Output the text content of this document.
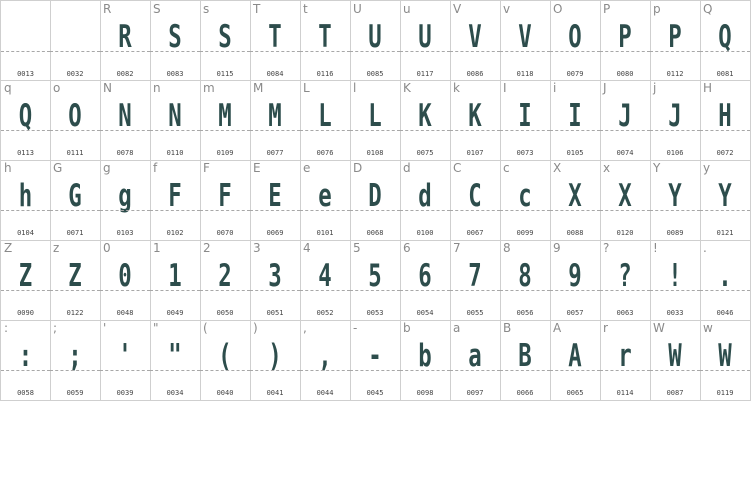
0013	0032
R
R
0082
S
S
0083
s
S
0115
T
T
0084
t
T
0116
U
U
0085
u
U
0117
V
V
0086
v
V
0118
O
O
0079
P
P
0080
p
P
0112
Q
Q
0081
q
Q
0113
o
O
0111
N
N
0078
n
N
0110
m
M
0109
M
M
0077
L
L
0076
l
L
0108
K
K
0075
k
K
0107
I
I
0073
i
I
0105
J
J
0074
j
J
0106
H
H
0072
h
h
0104
G
G
0071
g
g
0103
f
F
0102
F
F
0070
E
E
0069
e
e
0101
D
D
0068
d
d
0100
C
C
0067
c
c
0099
X
X
0088
x
X
0120
Y
Y
0089
y
Y
0121
Z
Z
0090
z
Z
0122
0
0
0048
1
1
0049
2
2
0050
3
3
0051
4
4
0052
5
5
0053
6
6
0054
7
7
0055
8
8
0056
9
9
0057
?
?
0063
!
!
0033
.
.
0046
:
:
0058
;
;
0059
'
'
0039
"
"
0034
(
(
0040
)
)
0041
,
,
0044
-
-
0045
b
b
0098
a
a
0097
B
B
0066
A
A
0065
r
r
0114
W
W
0087
w
W
0119
